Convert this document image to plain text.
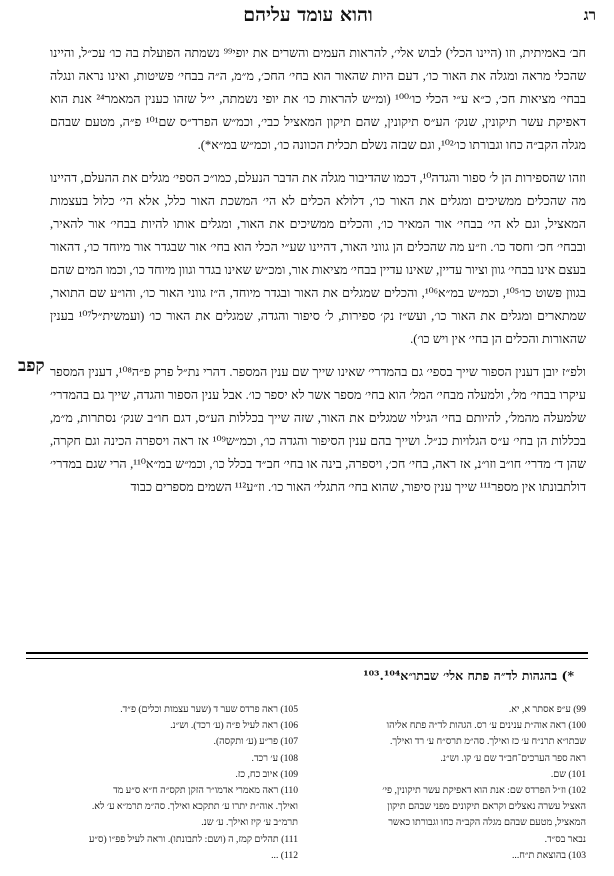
רג
והוא עומד עליהם

חב׳ באמיתית, וזו (היינו הכלי) לבוש אלי׳, להראות העמים והשרים את יופי⁹⁹ נשמתה הפועלת בה כו׳ עכ״ל, והיינו שהכלי מראה ומגלה את האור כו׳, דעם היות שהאור הוא בחי׳ החכ׳, מ״מ, ה״ה בבחי׳ פשיטות, ואינו נראה ונגלה בבחי׳ מציאות חכ׳, כ״א ע״י הכלי כו׳¹⁰⁰ (ומ״ש להראות כו׳ את יופי נשמתה, י״ל שזהו כענין המאמר²⁴ אנת הוא דאפיקת עשר תיקונין, שנק׳ הע״ס תיקונין, שהם תיקון המאציל כבי׳, וכמ״ש הפרד״ס שם¹⁰¹ פ״ה, מטעם שבהם מגלה הקב״ה כחו וגבורתו כו׳¹⁰², וגם שבזה נשלם תכלית הכוונה כו׳, וכמ״ש במ״א*).

וזהו שהספירות הן ל׳ ספור והגדה¹⁰, דכמו שהדיבור מגלה את הדבר הנעלם, כמו״כ הספי׳ מגלים את ההעלם, דהיינו מה שהכלים ממשיכים ומגלים את האור כו׳, דלולא הכלים לא הי׳ המשכת האור כלל, אלא הי׳ כלול בעצמות המאציל, וגם לא הי׳ בבחי׳ אור המאיר כו׳, והכלים ממשיכים את האור, ומגלים אותו להיות בבחי׳ אור להאיר, ובבחי׳ חכ׳ וחסד כו׳. וז״ע מה שהכלים הן גווני האור, דהיינו שע״י הכלי הוא בחי׳ אור שבגדר אור מיוחד כו׳, דהאור בעצם אינו בבחי׳ גוון וציור עדיין, שאינו עדיין בבחי׳ מציאות אור, ומכ״ש שאינו בגדר וגוון מיוחד כו׳, וכמו המים שהם בגוון פשוט כו׳¹⁰⁵, וכמ״ש במ״א¹⁰⁶, והכלים שמגלים את האור ובגדר מיוחד, ה״ז גווני האור כו׳, והו״ע שם התואר, שמתארים ומגלים את האור כו׳, ועש״ז נק׳ ספירות, ל׳ סיפור והגדה, שמגלים את האור כו׳ (ועמשית״ל¹⁰⁷ בענין שהאורות והכלים הן בחי׳ אין ויש כו׳).

ולפ״ז יובן דענין הספור שייך בספי׳ גם בהמדרי׳ שאינו שייך שם ענין המספר. דהרי נת״ל פרק פ״ה¹⁰⁸, דענין המספר עיקרו בבחי׳ מל׳, ולמעלה מבחי׳ המל׳ הוא בחי׳ מספר אשר לא יספר כו׳. אבל ענין הספור והגדה, שייך גם בהמדרי׳ שלמעלה מהמל׳, להיותם בחי׳ הגילוי שמגלים את האור, שזה שייך בכללות הע״ס, דגם חו״ב שנק׳ נסתרות, מ״מ, בכללות הן בחי׳ ע״ס הגלויות כנ״ל. ושייך בהם ענין הסיפור והגדה כו׳, וכמ״ש¹⁰⁹ אז ראה ויספרה הכינה וגם חקרה, שהן ד׳ מדרי׳ חו״ב וזו״נ, אז ראה, בחי׳ חכ׳, ויספרה, בינה או בחי׳ חב״ד בכלל כו׳, וכמ״ש במ״א¹¹⁰, הרי שגם במדרי׳ דולתבונתו אין מספר¹¹¹ שייך ענין סיפור, שהוא בחי׳ התגלי׳ האור כו׳. וז״ע¹¹² השמים מספרים כבוד

קפב
*) בהגהות לד״ה פתח אלי׳ שבתו״א¹⁰³.¹⁰⁴
99) ע״פ אסתר א, יא.
100) ראה אוה״ת ענינים ע׳ רס. הגהות לד״ה פתח אליהו
שבתו״א תרנ״ח ע׳ כז ואילך. סה״מ תרס״ח ע׳ רד ואילך.
ראה ספר הערכים־חב״ד שם ע׳ קו. וש״נ.
101) שם.
102) וז״ל הפרדס שם: אנת הוא דאפיקת עשר תיקונין, פי׳
האציל עשרה נאצלים וקראם תיקונים מפני שבהם תיקון
המאציל, מטעם שבהם מגלה הקב״ה כחו וגבורתו כאשר
נבאר בס״ד.
103) בהוצאת ת״ח...
105) ראה פרדס שער ד (שער עצמות וכלים) פ״ד.
106) ראה לעיל פ״ה (ע׳ רכד). וש״נ.
107) פר״ע (ע׳ ותקסה).
108) ע׳ רכד.
109) איוב כח, כז.
110) ראה מאמרי אדמו״ר הזקן תקס״ה ח״א ס״ע מד
ואילך. אוה״ת יתרו ע׳ תתקכא ואילך. סה״מ תרמ״א ע׳ לא.
תרמ״ב ע׳ קיז ואילך. ע׳ שנ.
111) תהלים קמז, ה (ושם: לתבונתו). וראה לעיל פפ״ו (ס״ע
112) ...
